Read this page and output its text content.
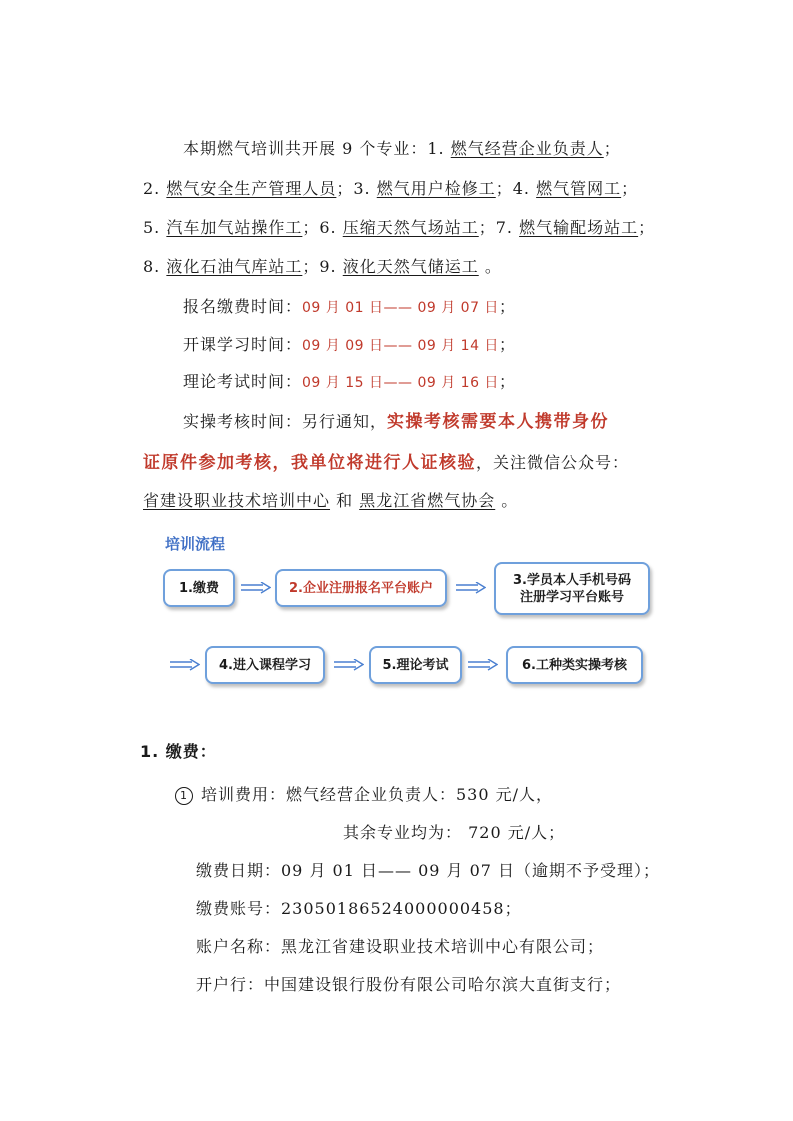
本期燃气培训共开展 9 个专业：1. 燃气经营企业负责人；
2. 燃气安全生产管理人员；3. 燃气用户检修工；4. 燃气管网工；
5. 汽车加气站操作工；6. 压缩天然气场站工；7. 燃气输配场站工；
8. 液化石油气库站工；9. 液化天然气储运工 。
报名缴费时间：09 月 01 日—— 09 月 07 日；
开课学习时间：09 月 09 日—— 09 月 14 日；
理论考试时间：09 月 15 日—— 09 月 16 日；
实操考核时间：另行通知，实操考核需要本人携带身份
证原件参加考核，我单位将进行人证核验，关注微信公众号：
省建设职业技术培训中心 和 黑龙江省燃气协会 。
培训流程
1.缴费	2.企业注册报名平台账户
3.学员本人手机号码
注册学习平台账号
4.进入课程学习	5.理论考试	6.工种类实操考核
1. 缴费：
1 培训费用：燃气经营企业负责人：530 元/人，
其余专业均为： 720 元/人；
缴费日期：09 月 01 日—— 09 月 07 日（逾期不予受理）；
缴费账号：23050186524000000458；
账户名称：黑龙江省建设职业技术培训中心有限公司；
开户行：中国建设银行股份有限公司哈尔滨大直街支行；
